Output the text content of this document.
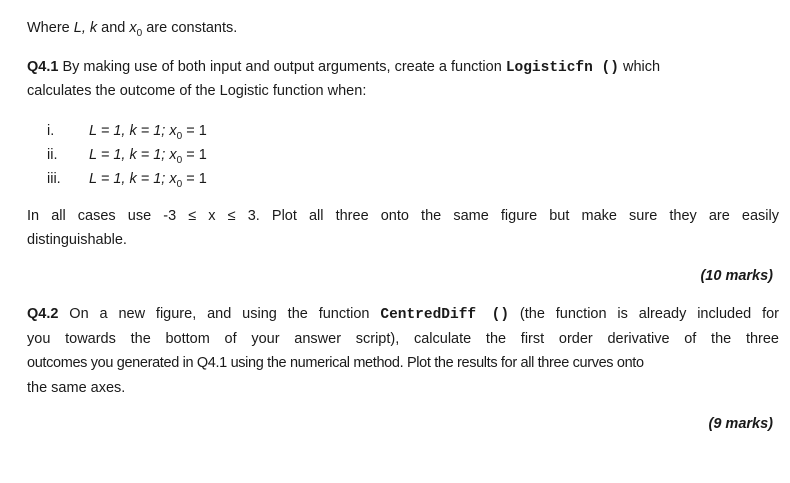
Where L, k and $x_0$ are constants.
Q4.1 By making use of both input and output arguments, create a function Logisticfn () which
calculates the outcome of the Logistic function when:
i. L = 1, k = 1; $x_0 = 1$
ii. L = 1, k = 1; $x_0 = 1$
iii. L = 1, k = 1; $x_0 = 1$
In all cases use -3 ≤ x ≤ 3. Plot all three onto the same figure but make sure they are easily
distinguishable.
(10 marks)
Q4.2 On a new figure, and using the function CentredDiff () (the function is already included for
you towards the bottom of your answer script), calculate the first order derivative of the three
outcomes you generated in Q4.1 using the numerical method. Plot the results for all three curves onto
the same axes.
(9 marks)
